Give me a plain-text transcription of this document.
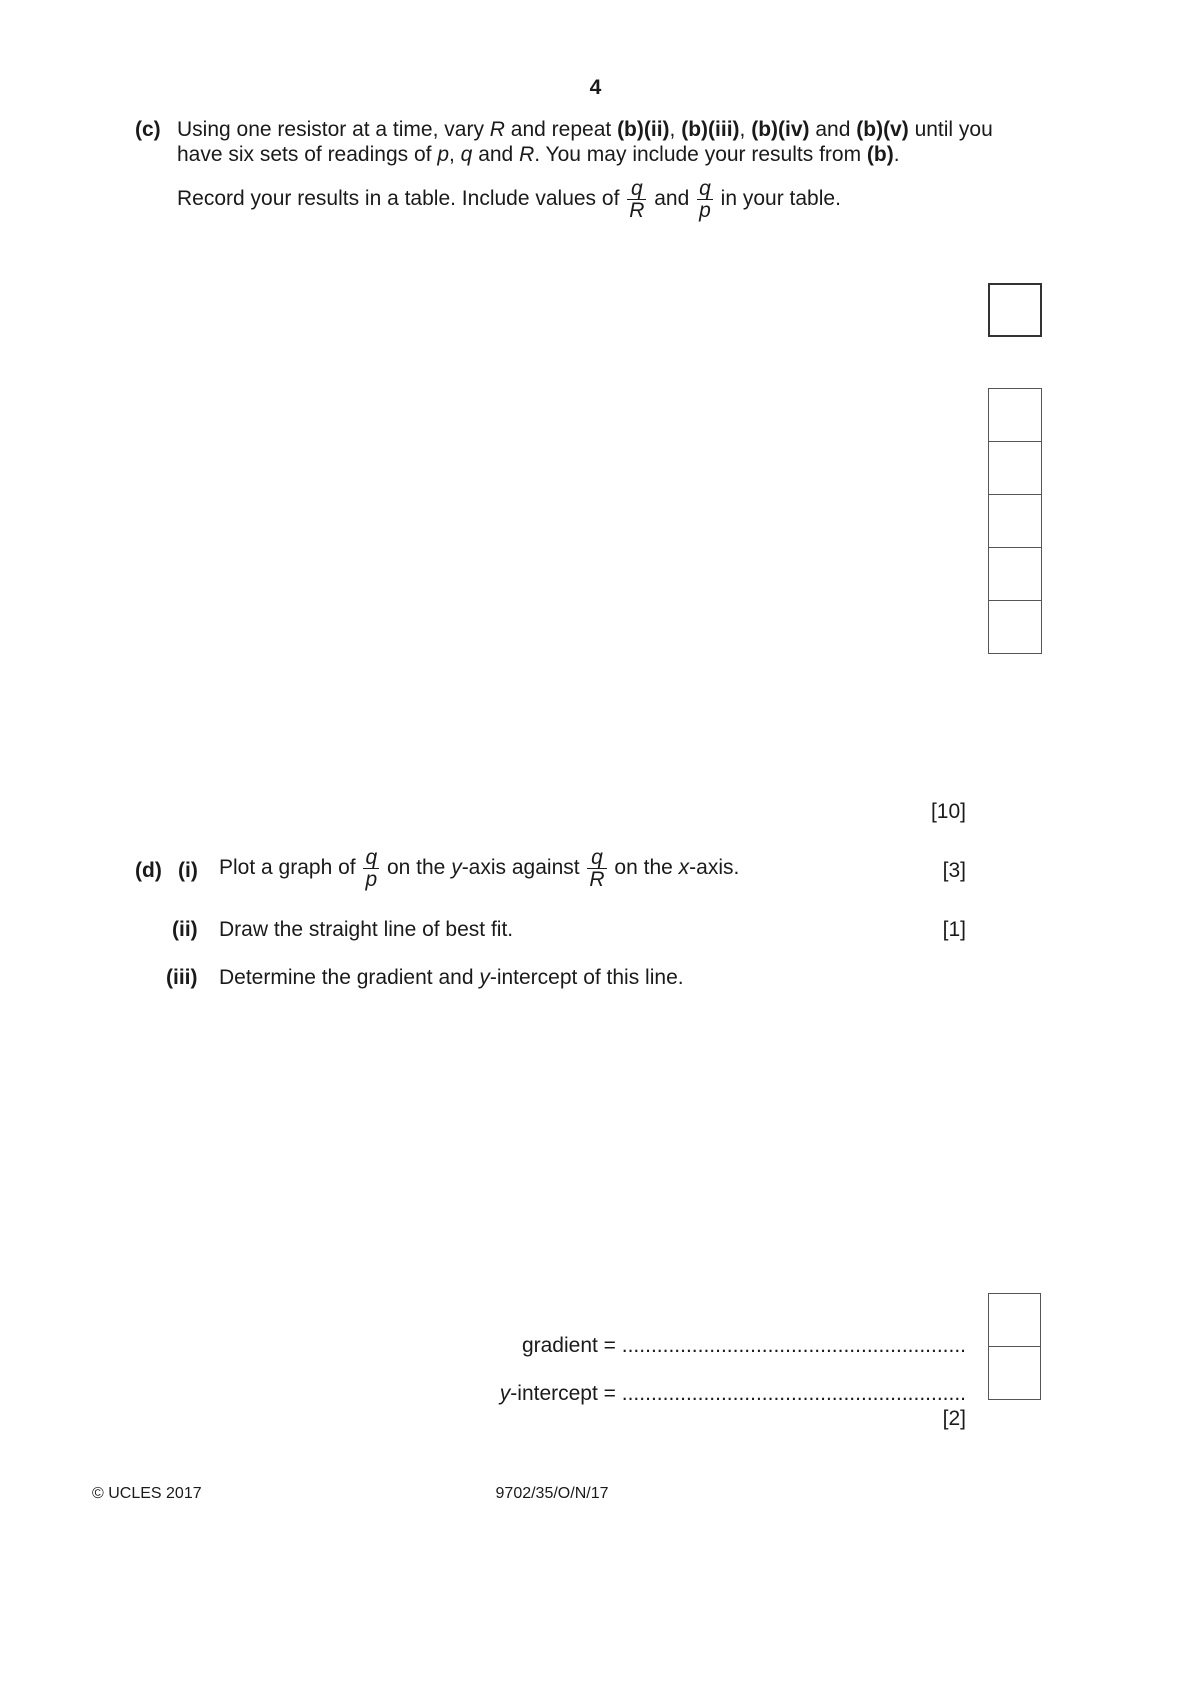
4
(c) Using one resistor at a time, vary R and repeat (b)(ii), (b)(iii), (b)(iv) and (b)(v) until you
have six sets of readings of p, q and R. You may include your results from (b).
Record your results in a table. Include values of $\frac{q}{R}$ and $\frac{q}{p}$ in your table.
[10]
(d) (i) Plot a graph of $\frac{q}{p}$ on the y-axis against $\frac{q}{R}$ on the x-axis.	[3]
(ii) Draw the straight line of best fit.	[1]
(iii) Determine the gradient and y-intercept of this line.
gradient = ...........................................................
y-intercept = ...........................................................
[2]
© UCLES 2017	9702/35/O/N/17
